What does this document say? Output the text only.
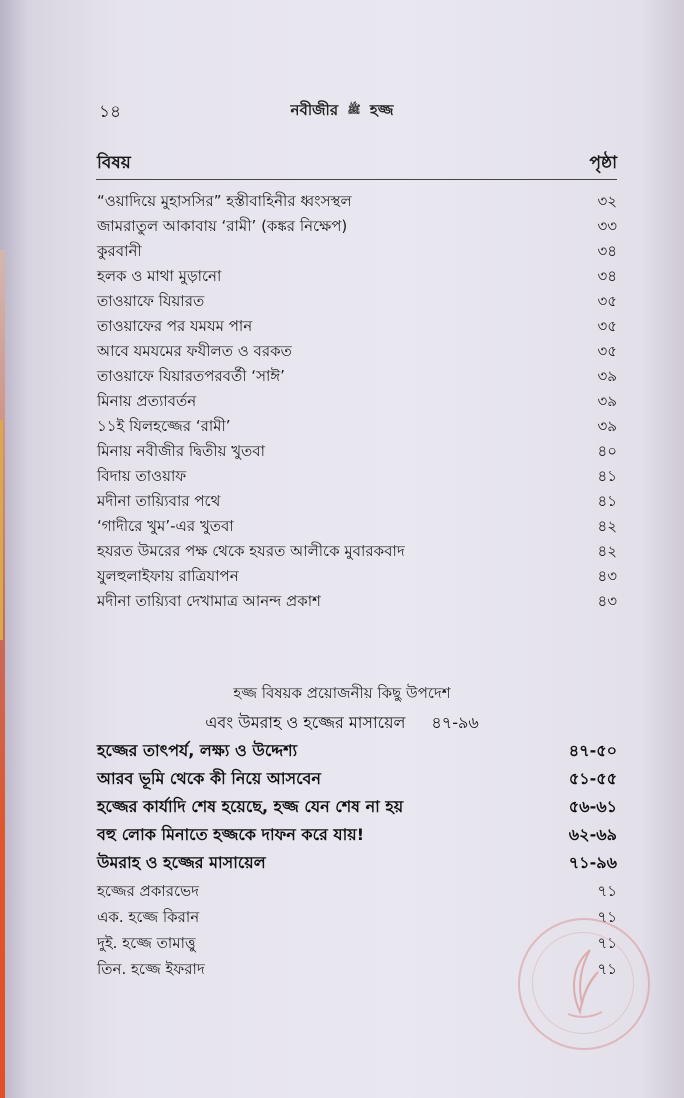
১৪	নবীজীর ﷺ হজ্জ
বিষয়	পৃষ্ঠা
“ওয়াদিয়ে মুহাসসির” হস্তীবাহিনীর ধ্বংসস্থল	৩২
জামরাতুল আকাবায় ‘রামী’ (কঙ্কর নিক্ষেপ)	৩৩
কুরবানী	৩৪
হলক ও মাথা মুড়ানো	৩৪
তাওয়াফে যিয়ারত	৩৫
তাওয়াফের পর যমযম পান	৩৫
আবে যমযমের ফযীলত ও বরকত	৩৫
তাওয়াফে যিয়ারতপরবর্তী ‘সাঈ’	৩৯
মিনায় প্রত্যাবর্তন	৩৯
১১ই যিলহজ্জের ‘রামী’	৩৯
মিনায় নবীজীর দ্বিতীয় খুতবা	৪০
বিদায় তাওয়াফ	৪১
মদীনা তায়্যিবার পথে	৪১
‘গাদীরে খুম’-এর খুতবা	৪২
হযরত উমরের পক্ষ থেকে হযরত আলীকে মুবারকবাদ	৪২
যুলহুলাইফায় রাত্রিযাপন	৪৩
মদীনা তায়্যিবা দেখামাত্র আনন্দ প্রকাশ	৪৩
হজ্জ বিষয়ক প্রয়োজনীয় কিছু উপদেশ
এবং উমরাহ ও হজ্জের মাসায়েল ৪৭-৯৬
হজ্জের তাৎপর্য, লক্ষ্য ও উদ্দেশ্য	৪৭-৫০
আরব ভূমি থেকে কী নিয়ে আসবেন	৫১-৫৫
হজ্জের কার্যাদি শেষ হয়েছে, হজ্জ যেন শেষ না হয়	৫৬-৬১
বহু লোক মিনাতে হজ্জকে দাফন করে যায়!	৬২-৬৯
উমরাহ ও হজ্জের মাসায়েল	৭১-৯৬
হজ্জের প্রকারভেদ	৭১
এক. হজ্জে কিরান	৭১
দুই. হজ্জে তামাত্তু	৭১
তিন. হজ্জে ইফরাদ	৭১
